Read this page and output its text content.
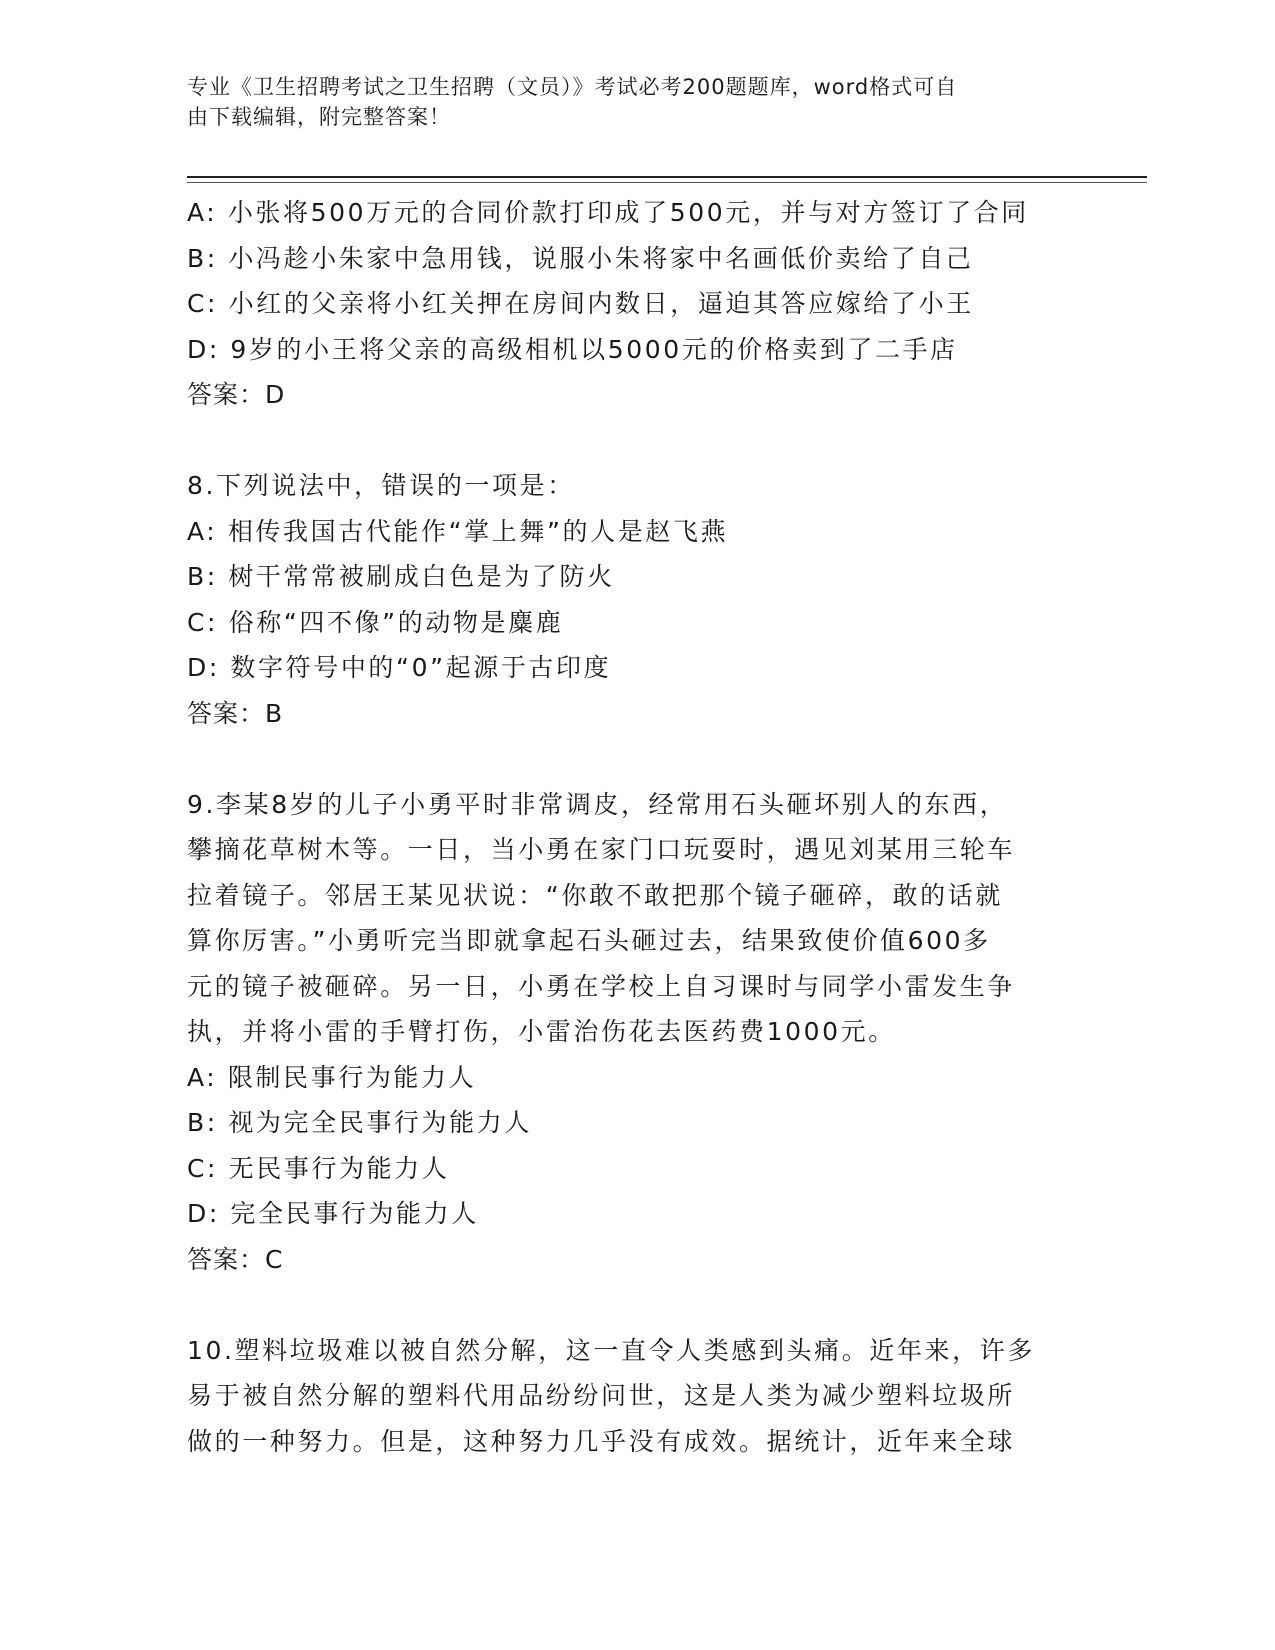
专业《卫生招聘考试之卫生招聘（文员）》考试必考200题题库，word格式可自
由下载编辑，附完整答案！
A: 小张将500万元的合同价款打印成了500元，并与对方签订了合同
B: 小冯趁小朱家中急用钱，说服小朱将家中名画低价卖给了自己
C: 小红的父亲将小红关押在房间内数日，逼迫其答应嫁给了小王
D: 9岁的小王将父亲的高级相机以5000元的价格卖到了二手店
答案：D
8.下列说法中，错误的一项是：
A: 相传我国古代能作“掌上舞”的人是赵飞燕
B: 树干常常被刷成白色是为了防火
C: 俗称“四不像”的动物是麋鹿
D: 数字符号中的“0”起源于古印度
答案：B
9.李某8岁的儿子小勇平时非常调皮，经常用石头砸坏别人的东西，
攀摘花草树木等。一日，当小勇在家门口玩耍时，遇见刘某用三轮车
拉着镜子。邻居王某见状说：“你敢不敢把那个镜子砸碎，敢的话就
算你厉害。”小勇听完当即就拿起石头砸过去，结果致使价值600多
元的镜子被砸碎。另一日，小勇在学校上自习课时与同学小雷发生争
执，并将小雷的手臂打伤，小雷治伤花去医药费1000元。
A: 限制民事行为能力人
B: 视为完全民事行为能力人
C: 无民事行为能力人
D: 完全民事行为能力人
答案：C
10.塑料垃圾难以被自然分解，这一直令人类感到头痛。近年来，许多
易于被自然分解的塑料代用品纷纷问世，这是人类为减少塑料垃圾所
做的一种努力。但是，这种努力几乎没有成效。据统计，近年来全球
